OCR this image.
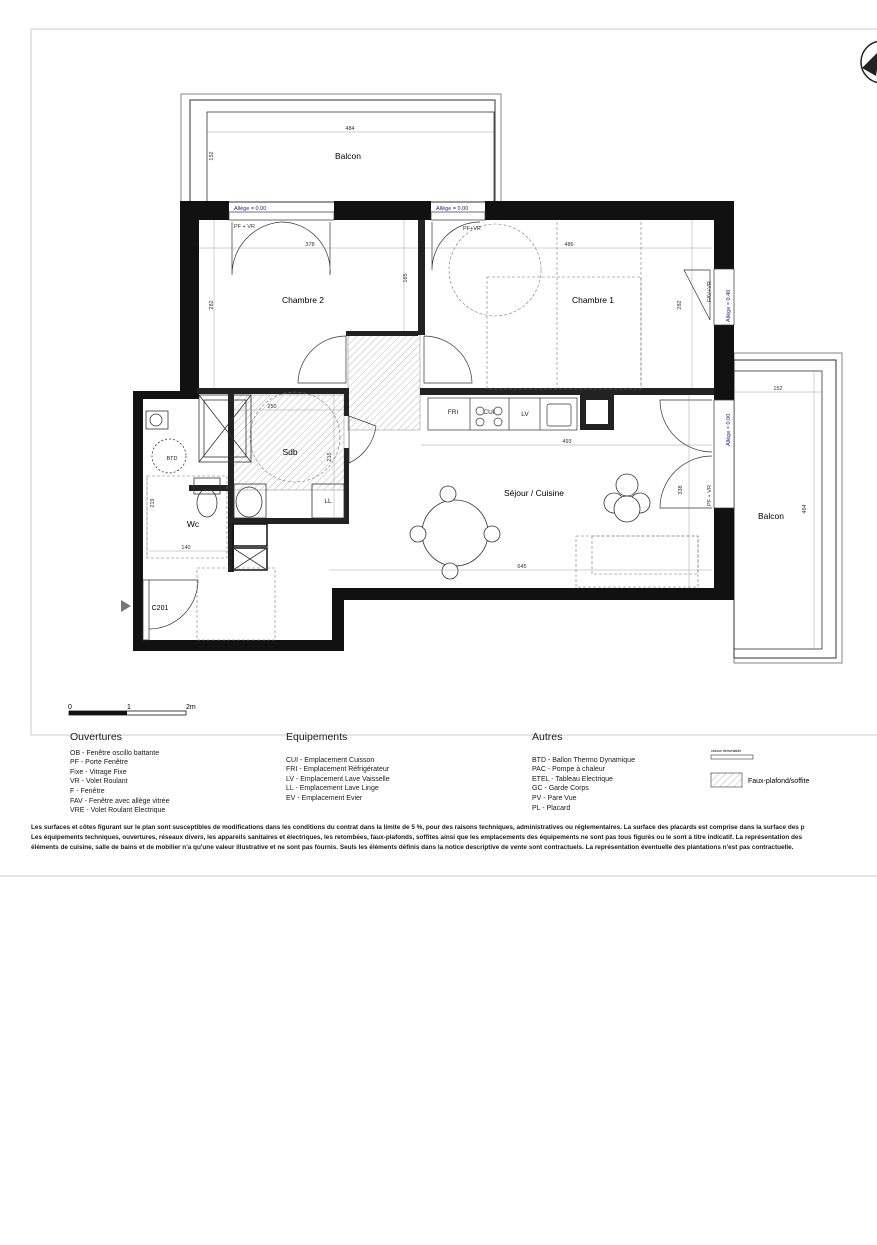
0	1	2m
cloison démontable
Faux-plafond/soffite
Balcon
Chambre 2	Chambre 1
Sdb
Wc
Séjour / Cuisine
Balcon
C201
484
152
378
282
165
486
282
250
215
140
219
493
645
338
152
464
Allège = 0.00	Allège = 0.00
PF + VR	PF+VR
FAV+VR Allège = 0.40
PF + VR
Allège = 0.00
FRI	CUI	LV
LL
BTD
Ouvertures
OB - Fenêtre oscillo battante
PF - Porte Fenêtre
Fixe - Vitrage Fixe
VR - Volet Roulant
F - Fenêtre
FAV - Fenêtre avec allège vitrée
VRE - Volet Roulant Electrique
Equipements
CUI - Emplacement Cuisson
FRI - Emplacement Réfrigérateur
LV - Emplacement Lave Vaisselle
LL - Emplacement Lave Linge
EV - Emplacement Evier
Autres
BTD - Ballon Thermo Dynamique
PAC - Pompe à chaleur
ETEL - Tableau Electrique
GC - Garde Corps
PV - Pare Vue
PL - Placard
Les surfaces et côtes figurant sur le plan sont susceptibles de modifications dans les conditions du contrat dans la limite de 5 %, pour des raisons techniques, administratives ou réglementaires. La surface des placards est comprise dans la surface des p
Les équipements techniques, ouvertures, réseaux divers, les appareils sanitaires et électriques, les retombées, faux-plafonds, soffites ainsi que les emplacements des équipements ne sont pas tous figurés ou le sont à titre indicatif. La représentation des
éléments de cuisine, salle de bains et de mobilier n'a qu'une valeur illustrative et ne sont pas fournis. Seuls les éléments définis dans la notice descriptive de vente sont contractuels. La représentation éventuelle des plantations n'est pas contractuelle.
